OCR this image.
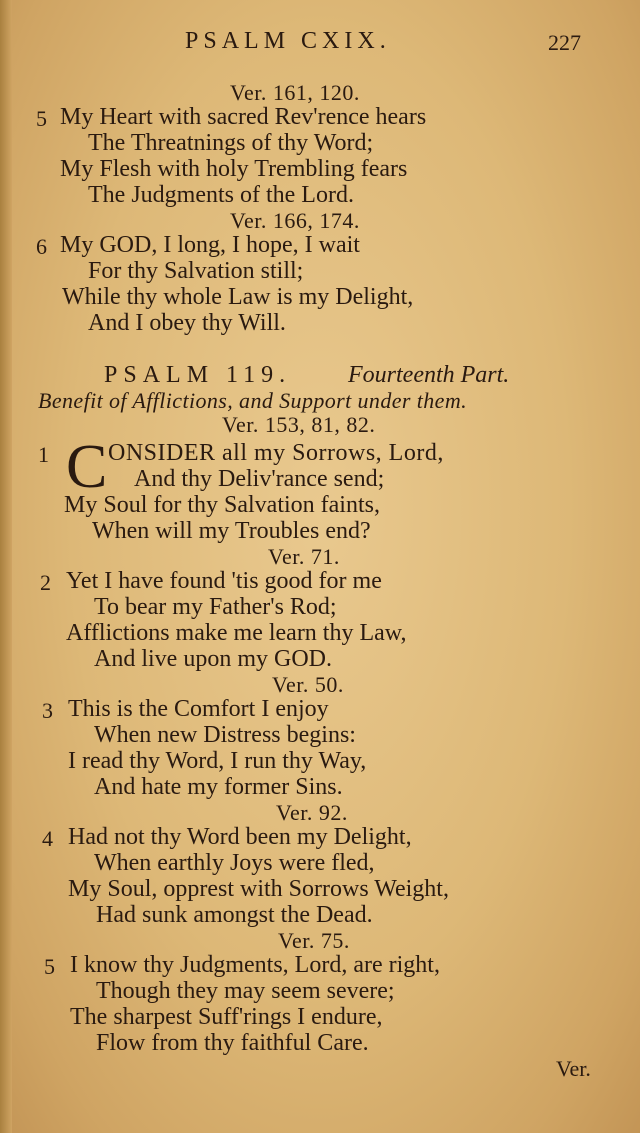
PSALM CXIX.	227
Ver. 161, 120.
5 My Heart with sacred Rev'rence hears
The Threatnings of thy Word;
My Flesh with holy Trembling fears
The Judgments of the Lord.
Ver. 166, 174.
6 My GOD, I long, I hope, I wait
For thy Salvation still;
While thy whole Law is my Delight,
And I obey thy Will.
PSALM 119. Fourteenth Part.
Benefit of Afflictions, and Support under them.
Ver. 153, 81, 82.
1 C ONSIDER all my Sorrows, Lord,
And thy Deliv'rance send;
My Soul for thy Salvation faints,
When will my Troubles end?
Ver. 71.
2 Yet I have found 'tis good for me
To bear my Father's Rod;
Afflictions make me learn thy Law,
And live upon my GOD.
Ver. 50.
3 This is the Comfort I enjoy
When new Distress begins:
I read thy Word, I run thy Way,
And hate my former Sins.
Ver. 92.
4 Had not thy Word been my Delight,
When earthly Joys were fled,
My Soul, opprest with Sorrows Weight,
Had sunk amongst the Dead.
Ver. 75.
5 I know thy Judgments, Lord, are right,
Though they may seem severe;
The sharpest Suff'rings I endure,
Flow from thy faithful Care.
Ver.
